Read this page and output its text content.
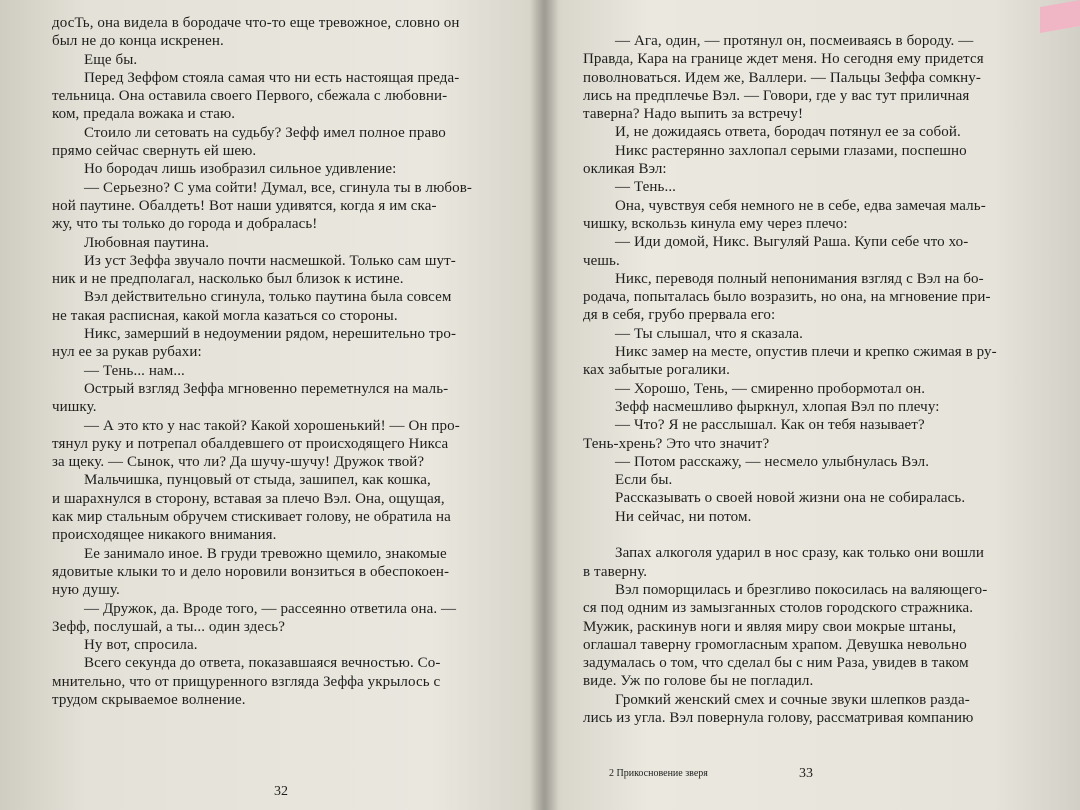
досТь, она видела в бородаче что-то еще тревожное, словно он
был не до конца искренен.
Еще бы.
Перед Зеффом стояла самая что ни есть настоящая преда-
тельница. Она оставила своего Первого, сбежала с любовни-
ком, предала вожака и стаю.
Стоило ли сетовать на судьбу? Зефф имел полное право
прямо сейчас свернуть ей шею.
Но бородач лишь изобразил сильное удивление:
— Серьезно? С ума сойти! Думал, все, сгинула ты в любов-
ной паутине. Обалдеть! Вот наши удивятся, когда я им ска-
жу, что ты только до города и добралась!
Любовная паутина.
Из уст Зеффа звучало почти насмешкой. Только сам шут-
ник и не предполагал, насколько был близок к истине.
Вэл действительно сгинула, только паутина была совсем
не такая расписная, какой могла казаться со стороны.
Никс, замерший в недоумении рядом, нерешительно тро-
нул ее за рукав рубахи:
— Тень... нам...
Острый взгляд Зеффа мгновенно переметнулся на маль-
чишку.
— А это кто у нас такой? Какой хорошенький! — Он про-
тянул руку и потрепал обалдевшего от происходящего Никса
за щеку. — Сынок, что ли? Да шучу-шучу! Дружок твой?
Мальчишка, пунцовый от стыда, зашипел, как кошка,
и шарахнулся в сторону, вставая за плечо Вэл. Она, ощущая,
как мир стальным обручем стискивает голову, не обратила на
происходящее никакого внимания.
Ее занимало иное. В груди тревожно щемило, знакомые
ядовитые клыки то и дело норовили вонзиться в обеспокоен-
ную душу.
— Дружок, да. Вроде того, — рассеянно ответила она. —
Зефф, послушай, а ты... один здесь?
Ну вот, спросила.
Всего секунда до ответа, показавшаяся вечностью. Со-
мнительно, что от прищуренного взгляда Зеффа укрылось с
трудом скрываемое волнение.
32
— Ага, один, — протянул он, посмеиваясь в бороду. —
Правда, Кара на границе ждет меня. Но сегодня ему придется
поволноваться. Идем же, Валлери. — Пальцы Зеффа сомкну-
лись на предплечье Вэл. — Говори, где у вас тут приличная
таверна? Надо выпить за встречу!
И, не дожидаясь ответа, бородач потянул ее за собой.
Никс растерянно захлопал серыми глазами, поспешно
окликая Вэл:
— Тень...
Она, чувствуя себя немного не в себе, едва замечая маль-
чишку, вскользь кинула ему через плечо:
— Иди домой, Никс. Выгуляй Раша. Купи себе что хо-
чешь.
Никс, переводя полный непонимания взгляд с Вэл на бо-
родача, попыталась было возразить, но она, на мгновение при-
дя в себя, грубо прервала его:
— Ты слышал, что я сказала.
Никс замер на месте, опустив плечи и крепко сжимая в ру-
ках забытые рогалики.
— Хорошо, Тень, — смиренно пробормотал он.
Зефф насмешливо фыркнул, хлопая Вэл по плечу:
— Что? Я не расслышал. Как он тебя называет?
Тень-хрень? Это что значит?
— Потом расскажу, — несмело улыбнулась Вэл.
Если бы.
Рассказывать о своей новой жизни она не собиралась.
Ни сейчас, ни потом.
Запах алкоголя ударил в нос сразу, как только они вошли
в таверну.
Вэл поморщилась и брезгливо покосилась на валяющего-
ся под одним из замызганных столов городского стражника.
Мужик, раскинув ноги и являя миру свои мокрые штаны,
оглашал таверну громогласным храпом. Девушка невольно
задумалась о том, что сделал бы с ним Раза, увидев в таком
виде. Уж по голове бы не погладил.
Громкий женский смех и сочные звуки шлепков разда-
лись из угла. Вэл повернула голову, рассматривая компанию
2 Прикосновение зверя	33
